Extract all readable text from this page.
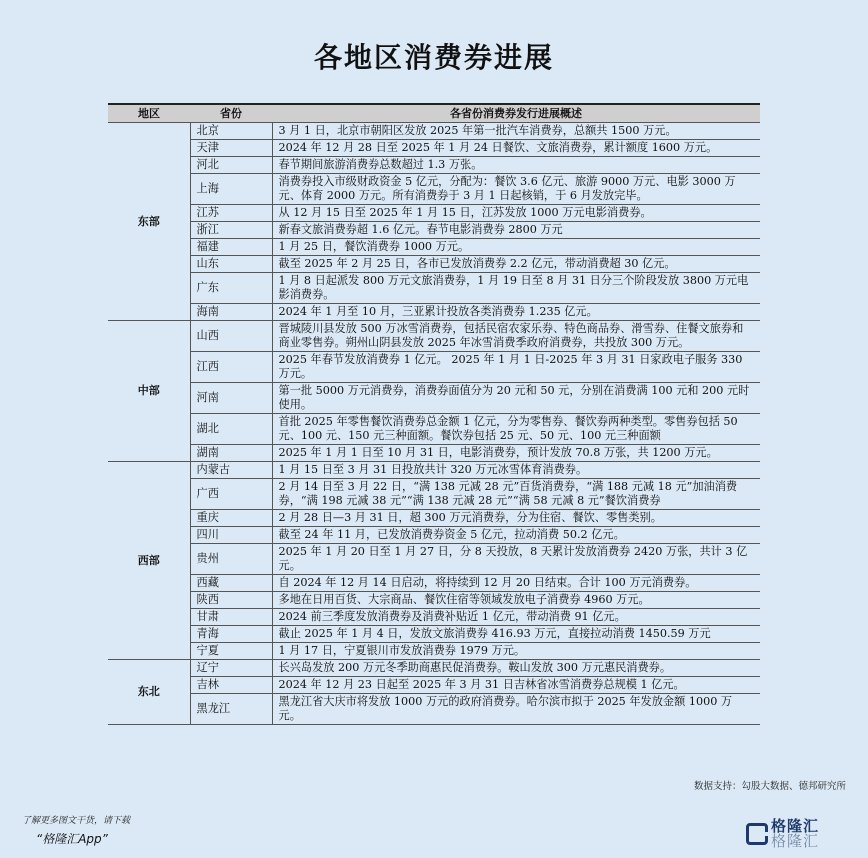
各地区消费券进展
地区	省份	各省份消费券发行进展概述
东部	北京	3 月 1 日，北京市朝阳区发放 2025 年第一批汽车消费券，总额共 1500 万元。
	天津	2024 年 12 月 28 日至 2025 年 1 月 24 日餐饮、文旅消费券，累计额度 1600 万元。
	河北	春节期间旅游消费券总数超过 1.3 万张。
	上海	消费券投入市级财政资金 5 亿元，分配为：餐饮 3.6 亿元、旅游 9000 万元、电影 3000 万元、体育 2000 万元。所有消费券于 3 月 1 日起核销，于 6 月发放完毕。
	江苏	从 12 月 15 日至 2025 年 1 月 15 日，江苏发放 1000 万元电影消费券。
	浙江	新春文旅消费券超 1.6 亿元。春节电影消费券 2800 万元
	福建	1 月 25 日，餐饮消费券 1000 万元。
	山东	截至 2025 年 2 月 25 日，各市已发放消费券 2.2 亿元，带动消费超 30 亿元。
	广东	1 月 8 日起派发 800 万元文旅消费券，1 月 19 日至 8 月 31 日分三个阶段发放 3800 万元电影消费券。
	海南	2024 年 1 月至 10 月，三亚累计投放各类消费券 1.235 亿元。
中部	山西	晋城陵川县发放 500 万冰雪消费券，包括民宿农家乐券、特色商品券、滑雪券、住餐文旅券和商业零售券。朔州山阴县发放 2025 年冰雪消费季政府消费券，共投放 300 万元。
	江西	2025 年春节发放消费券 1 亿元。 2025 年 1 月 1 日-2025 年 3 月 31 日家政电子服务 330 万元。
	河南	第一批 5000 万元消费券，消费券面值分为 20 元和 50 元，分别在消费满 100 元和 200 元时使用。
	湖北	首批 2025 年零售餐饮消费券总金额 1 亿元，分为零售券、餐饮券两种类型。零售券包括 50 元、100 元、150 元三种面额。餐饮券包括 25 元、50 元、100 元三种面额
	湖南	2025 年 1 月 1 日至 10 月 31 日，电影消费券，预计发放 70.8 万张，共 1200 万元。
西部	内蒙古	1 月 15 日至 3 月 31 日投放共计 320 万元冰雪体育消费券。
	广西	2 月 14 日至 3 月 22 日，“满 138 元减 28 元”百货消费券，“满 188 元减 18 元”加油消费券，“满 198 元减 38 元”“满 138 元减 28 元”“满 58 元减 8 元”餐饮消费券
	重庆	2 月 28 日—3 月 31 日，超 300 万元消费券，分为住宿、餐饮、零售类别。
	四川	截至 24 年 11 月，已发放消费券资金 5 亿元，拉动消费 50.2 亿元。
	贵州	2025 年 1 月 20 日至 1 月 27 日，分 8 天投放，8 天累计发放消费券 2420 万张，共计 3 亿元。
	西藏	自 2024 年 12 月 14 日启动，将持续到 12 月 20 日结束。合计 100 万元消费券。
	陕西	多地在日用百货、大宗商品、餐饮住宿等领域发放电子消费券 4960 万元。
	甘肃	2024 前三季度发放消费券及消费补贴近 1 亿元，带动消费 91 亿元。
	青海	截止 2025 年 1 月 4 日，发放文旅消费券 416.93 万元，直接拉动消费 1450.59 万元
	宁夏	1 月 17 日，宁夏银川市发放消费券 1979 万元。
东北	辽宁	长兴岛发放 200 万元冬季助商惠民促消费券。鞍山发放 300 万元惠民消费券。
	吉林	2024 年 12 月 23 日起至 2025 年 3 月 31 日吉林省冰雪消费券总规模 1 亿元。
	黑龙江	黑龙江省大庆市将发放 1000 万元的政府消费券。哈尔滨市拟于 2025 年发放金额 1000 万元。
数据支持：勾股大数据、德邦研究所
了解更多图文干货，请下载
“格隆汇App”
格隆汇
格隆汇
